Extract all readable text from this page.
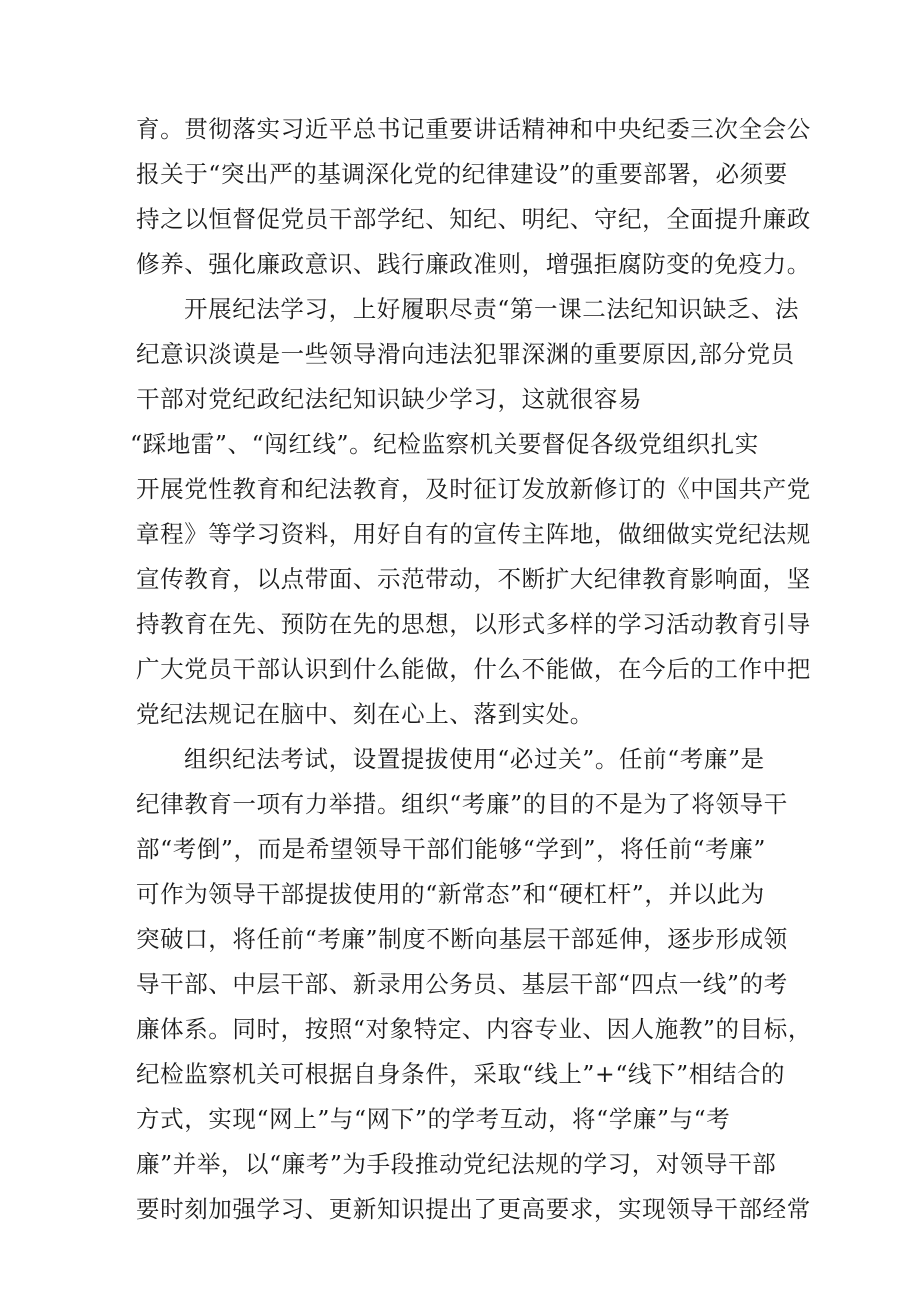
育。贯彻落实习近平总书记重要讲话精神和中央纪委三次全会公
报关于“突出严的基调深化党的纪律建设”的重要部署，必须要
持之以恒督促党员干部学纪、知纪、明纪、守纪，全面提升廉政
修养、强化廉政意识、践行廉政准则，增强拒腐防变的免疫力。
开展纪法学习，上好履职尽责“第一课二法纪知识缺乏、法
纪意识淡谟是一些领导滑向违法犯罪深渊的重要原因,部分党员
干部对党纪政纪法纪知识缺少学习，这就很容易
“踩地雷”、“闯红线”。纪检监察机关要督促各级党组织扎实
开展党性教育和纪法教育，及时征订发放新修订的《中国共产党
章程》等学习资料，用好自有的宣传主阵地，做细做实党纪法规
宣传教育，以点带面、示范带动，不断扩大纪律教育影响面，坚
持教育在先、预防在先的思想，以形式多样的学习活动教育引导
广大党员干部认识到什么能做，什么不能做，在今后的工作中把
党纪法规记在脑中、刻在心上、落到实处。
组织纪法考试，设置提拔使用“必过关”。任前“考廉”是
纪律教育一项有力举措。组织“考廉”的目的不是为了将领导干
部“考倒”，而是希望领导干部们能够“学到”，将任前“考廉”
可作为领导干部提拔使用的“新常态”和“硬杠杆”，并以此为
突破口，将任前“考廉”制度不断向基层干部延伸，逐步形成领
导干部、中层干部、新录用公务员、基层干部“四点一线”的考
廉体系。同时，按照“对象特定、内容专业、因人施教”的目标，
纪检监察机关可根据自身条件，采取“线上”+“线下”相结合的
方式，实现“网上”与“网下”的学考互动，将“学廉”与“考
廉”并举，以“廉考”为手段推动党纪法规的学习，对领导干部
要时刻加强学习、更新知识提出了更高要求，实现领导干部经常
